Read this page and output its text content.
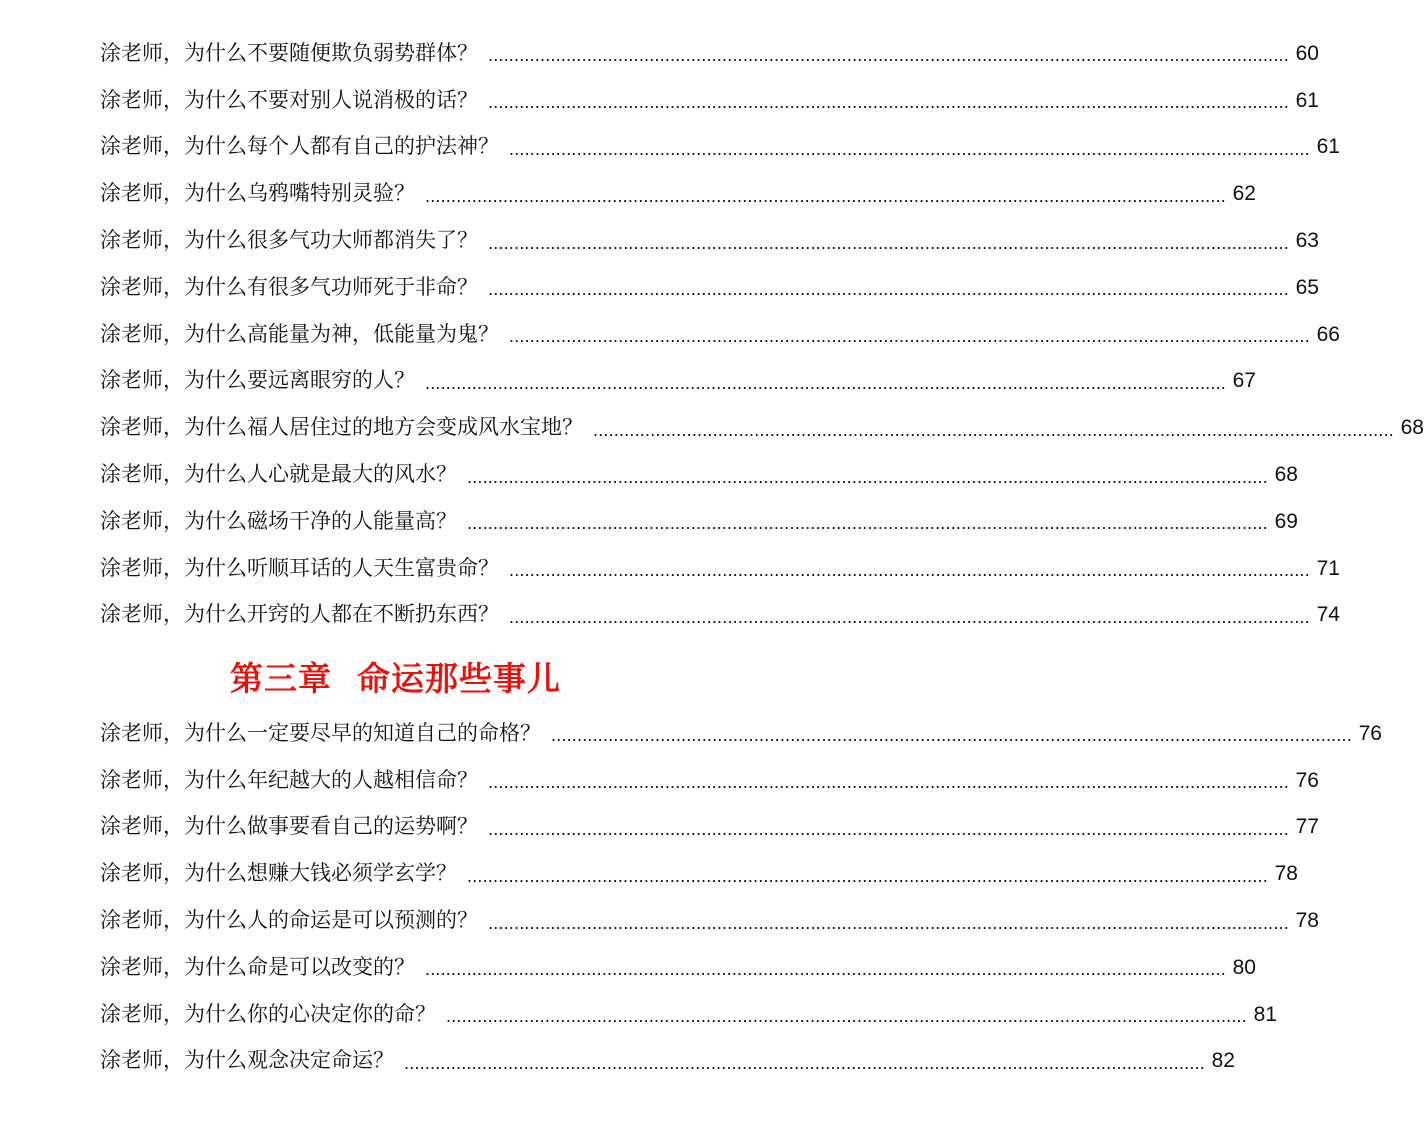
涂老师，为什么不要随便欺负弱势群体？ .......................................................................................................................................................... 60
涂老师，为什么不要对别人说消极的话？ .......................................................................................................................................................... 61
涂老师，为什么每个人都有自己的护法神？ .......................................................................................................................................................... 61
涂老师，为什么乌鸦嘴特别灵验？ .......................................................................................................................................................... 62
涂老师，为什么很多气功大师都消失了？ .......................................................................................................................................................... 63
涂老师，为什么有很多气功师死于非命？ .......................................................................................................................................................... 65
涂老师，为什么高能量为神，低能量为鬼？ .......................................................................................................................................................... 66
涂老师，为什么要远离眼穷的人？ .......................................................................................................................................................... 67
涂老师，为什么福人居住过的地方会变成风水宝地？ .......................................................................................................................................................... 68
涂老师，为什么人心就是最大的风水？ .......................................................................................................................................................... 68
涂老师，为什么磁场干净的人能量高？ .......................................................................................................................................................... 69
涂老师，为什么听顺耳话的人天生富贵命？ .......................................................................................................................................................... 71
涂老师，为什么开窍的人都在不断扔东西？ .......................................................................................................................................................... 74
第三章  命运那些事儿
涂老师，为什么一定要尽早的知道自己的命格？ .......................................................................................................................................................... 76
涂老师，为什么年纪越大的人越相信命？ .......................................................................................................................................................... 76
涂老师，为什么做事要看自己的运势啊？ .......................................................................................................................................................... 77
涂老师，为什么想赚大钱必须学玄学？ .......................................................................................................................................................... 78
涂老师，为什么人的命运是可以预测的？ .......................................................................................................................................................... 78
涂老师，为什么命是可以改变的？ .......................................................................................................................................................... 80
涂老师，为什么你的心决定你的命？ .......................................................................................................................................................... 81
涂老师，为什么观念决定命运？ .......................................................................................................................................................... 82
